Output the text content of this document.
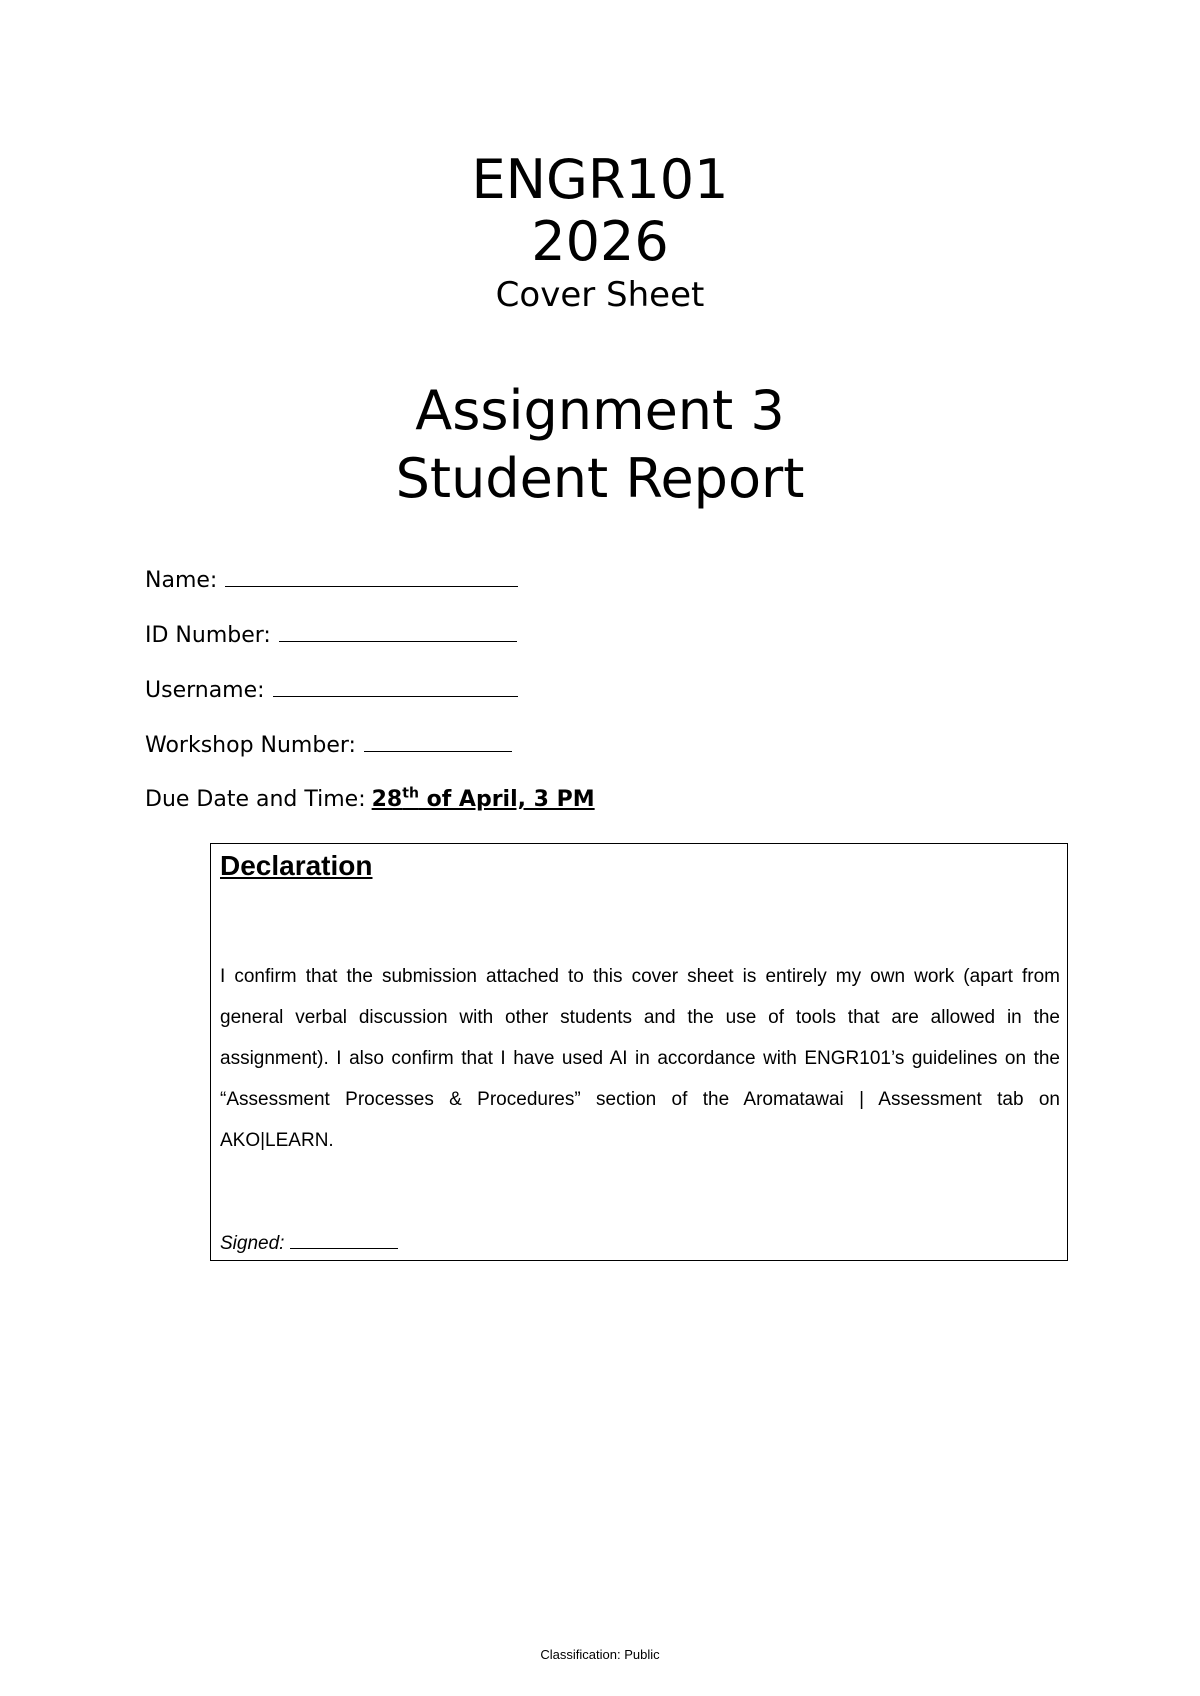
ENGR101
2026
Cover Sheet
Assignment 3
Student Report
Name:
ID Number:
Username:
Workshop Number:
Due Date and Time: 28th of April, 3 PM
Declaration
I confirm that the submission attached to this cover sheet is entirely my own work (apart from general verbal discussion with other students and the use of tools that are allowed in the assignment). I also confirm that I have used AI in accordance with ENGR101’s guidelines on the “Assessment Processes & Procedures” section of the Aromatawai | Assessment tab on AKO|LEARN.
Signed:
Classification: Public
